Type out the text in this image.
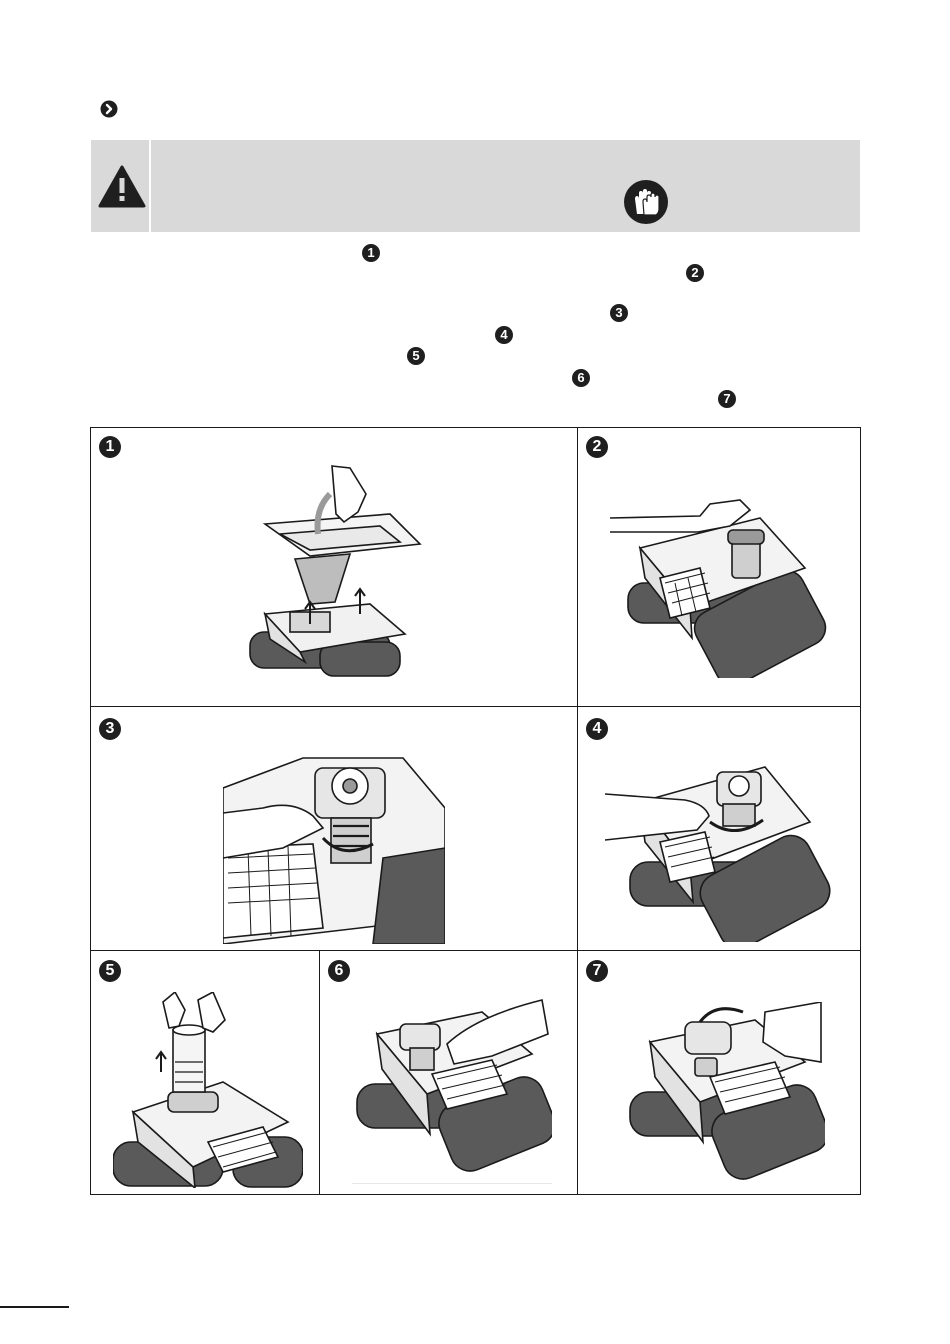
1
2
3
4
5
6
7
1	2
3	4
5	6	7
